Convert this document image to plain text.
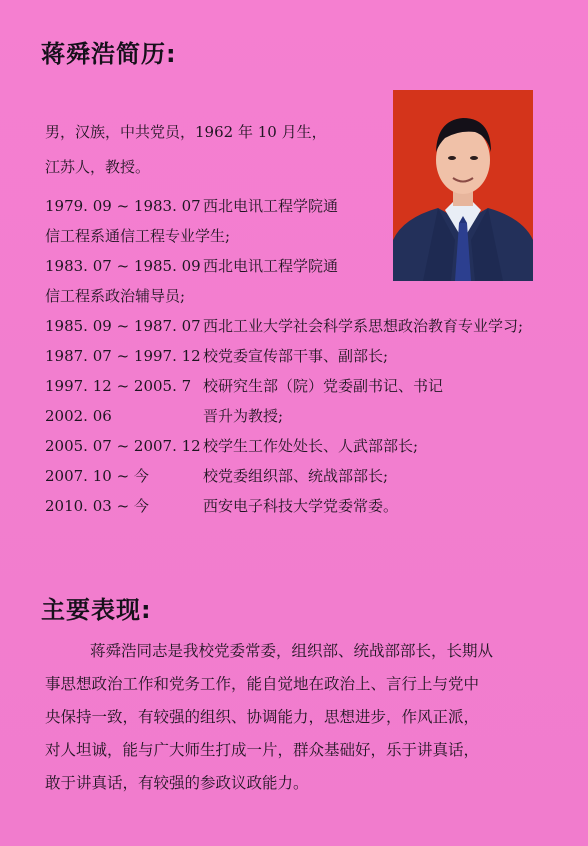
蒋舜浩简历:
男，汉族，中共党员，1962 年 10 月生，
江苏人，教授。
1979. 09 ~ 1983. 07 西北电讯工程学院通
信工程系通信工程专业学生;
1983. 07 ~ 1985. 09 西北电讯工程学院通
信工程系政治辅导员;
1985. 09 ~ 1987. 07 西北工业大学社会科学系思想政治教育专业学习;
1987. 07 ~ 1997. 12 校党委宣传部干事、副部长;
1997. 12 ~ 2005. 7 校研究生部（院）党委副书记、书记
2002. 06	晋升为教授;
2005. 07 ~ 2007. 12 校学生工作处处长、人武部部长;
2007. 10 ~ 今	校党委组织部、统战部部长;
2010. 03 ~ 今	西安电子科技大学党委常委。
主要表现:
蒋舜浩同志是我校党委常委，组织部、统战部部长，长期从
事思想政治工作和党务工作，能自觉地在政治上、言行上与党中
央保持一致，有较强的组织、协调能力，思想进步，作风正派，
对人坦诚，能与广大师生打成一片，群众基础好，乐于讲真话，
敢于讲真话，有较强的参政议政能力。
